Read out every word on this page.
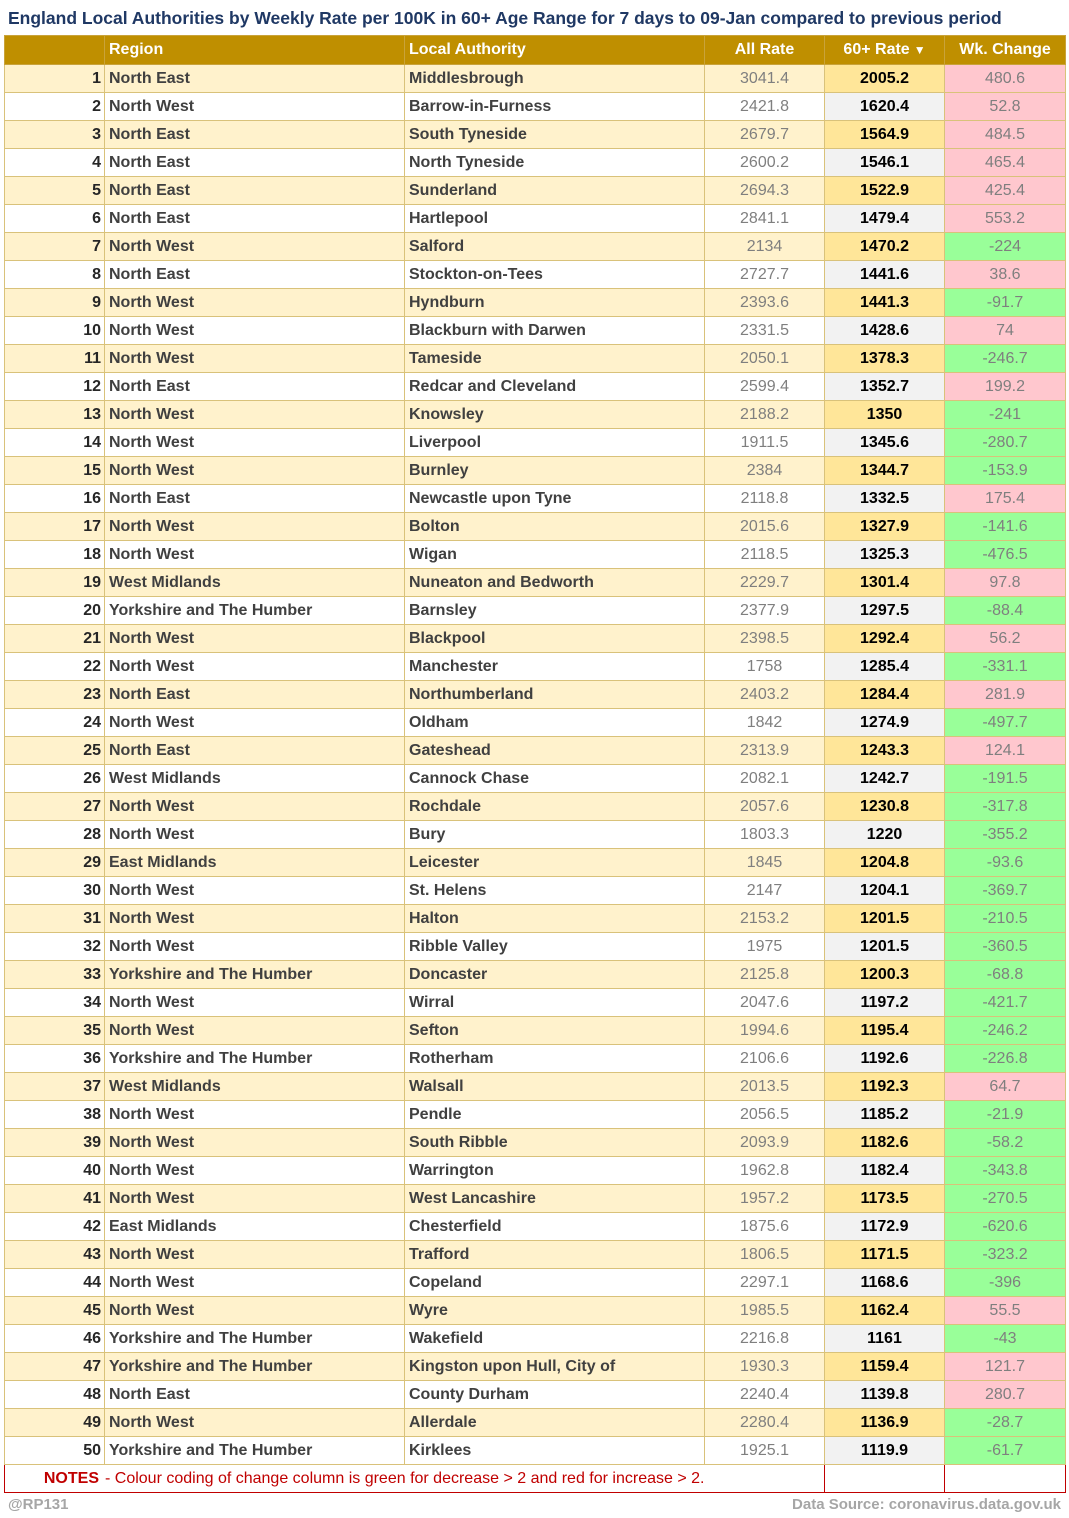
England Local Authorities by Weekly Rate per 100K in 60+ Age Range for 7 days to 09-Jan compared to previous period
	Region	Local Authority	All Rate	60+ Rate ▼	Wk. Change
1	North East	Middlesbrough	3041.4	2005.2	480.6
2	North West	Barrow-in-Furness	2421.8	1620.4	52.8
3	North East	South Tyneside	2679.7	1564.9	484.5
4	North East	North Tyneside	2600.2	1546.1	465.4
5	North East	Sunderland	2694.3	1522.9	425.4
6	North East	Hartlepool	2841.1	1479.4	553.2
7	North West	Salford	2134	1470.2	-224
8	North East	Stockton-on-Tees	2727.7	1441.6	38.6
9	North West	Hyndburn	2393.6	1441.3	-91.7
10	North West	Blackburn with Darwen	2331.5	1428.6	74
11	North West	Tameside	2050.1	1378.3	-246.7
12	North East	Redcar and Cleveland	2599.4	1352.7	199.2
13	North West	Knowsley	2188.2	1350	-241
14	North West	Liverpool	1911.5	1345.6	-280.7
15	North West	Burnley	2384	1344.7	-153.9
16	North East	Newcastle upon Tyne	2118.8	1332.5	175.4
17	North West	Bolton	2015.6	1327.9	-141.6
18	North West	Wigan	2118.5	1325.3	-476.5
19	West Midlands	Nuneaton and Bedworth	2229.7	1301.4	97.8
20	Yorkshire and The Humber	Barnsley	2377.9	1297.5	-88.4
21	North West	Blackpool	2398.5	1292.4	56.2
22	North West	Manchester	1758	1285.4	-331.1
23	North East	Northumberland	2403.2	1284.4	281.9
24	North West	Oldham	1842	1274.9	-497.7
25	North East	Gateshead	2313.9	1243.3	124.1
26	West Midlands	Cannock Chase	2082.1	1242.7	-191.5
27	North West	Rochdale	2057.6	1230.8	-317.8
28	North West	Bury	1803.3	1220	-355.2
29	East Midlands	Leicester	1845	1204.8	-93.6
30	North West	St. Helens	2147	1204.1	-369.7
31	North West	Halton	2153.2	1201.5	-210.5
32	North West	Ribble Valley	1975	1201.5	-360.5
33	Yorkshire and The Humber	Doncaster	2125.8	1200.3	-68.8
34	North West	Wirral	2047.6	1197.2	-421.7
35	North West	Sefton	1994.6	1195.4	-246.2
36	Yorkshire and The Humber	Rotherham	2106.6	1192.6	-226.8
37	West Midlands	Walsall	2013.5	1192.3	64.7
38	North West	Pendle	2056.5	1185.2	-21.9
39	North West	South Ribble	2093.9	1182.6	-58.2
40	North West	Warrington	1962.8	1182.4	-343.8
41	North West	West Lancashire	1957.2	1173.5	-270.5
42	East Midlands	Chesterfield	1875.6	1172.9	-620.6
43	North West	Trafford	1806.5	1171.5	-323.2
44	North West	Copeland	2297.1	1168.6	-396
45	North West	Wyre	1985.5	1162.4	55.5
46	Yorkshire and The Humber	Wakefield	2216.8	1161	-43
47	Yorkshire and The Humber	Kingston upon Hull, City of	1930.3	1159.4	121.7
48	North East	County Durham	2240.4	1139.8	280.7
49	North West	Allerdale	2280.4	1136.9	-28.7
50	Yorkshire and The Humber	Kirklees	1925.1	1119.9	-61.7
NOTES - Colour coding of change column is green for decrease > 2 and red for increase > 2.					
@RP131	Data Source: coronavirus.data.gov.uk
